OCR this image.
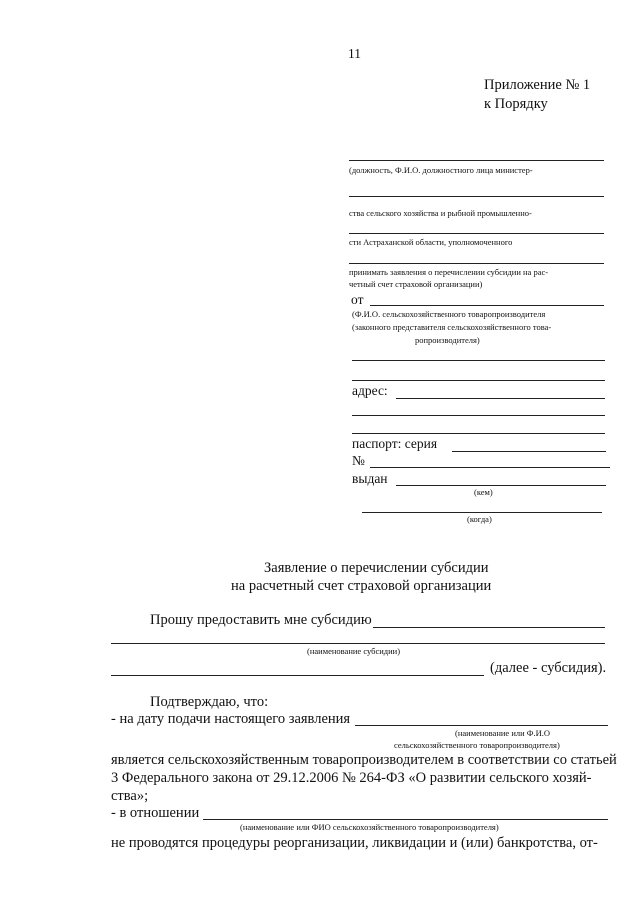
11
Приложение № 1
к Порядку
(должность, Ф.И.О. должностного лица министер-
ства сельского хозяйства и рыбной промышленно-
сти Астраханской области, уполномоченного
принимать заявления о перечислении субсидии на рас-
четный счет страховой организации)
от
(Ф.И.О. сельскохозяйственного товаропроизводителя
(законного представителя сельскохозяйственного това-
ропроизводителя)
адрес:
паспорт: серия
№
выдан
(кем)
(когда)
Заявление о перечислении субсидии
на расчетный счет страховой организации
Прошу предоставить мне субсидию
(наименование субсидии)
(далее - субсидия).
Подтверждаю, что:
- на дату подачи настоящего заявления
(наименование или Ф.И.О
сельскохозяйственного товаропроизводителя)
является сельскохозяйственным товаропроизводителем в соответствии со статьей
3 Федерального закона от 29.12.2006 № 264-ФЗ «О развитии сельского хозяй-
ства»;
- в отношении
(наименование или ФИО сельскохозяйственного товаропроизводителя)
не проводятся процедуры реорганизации, ликвидации и (или) банкротства, от-
